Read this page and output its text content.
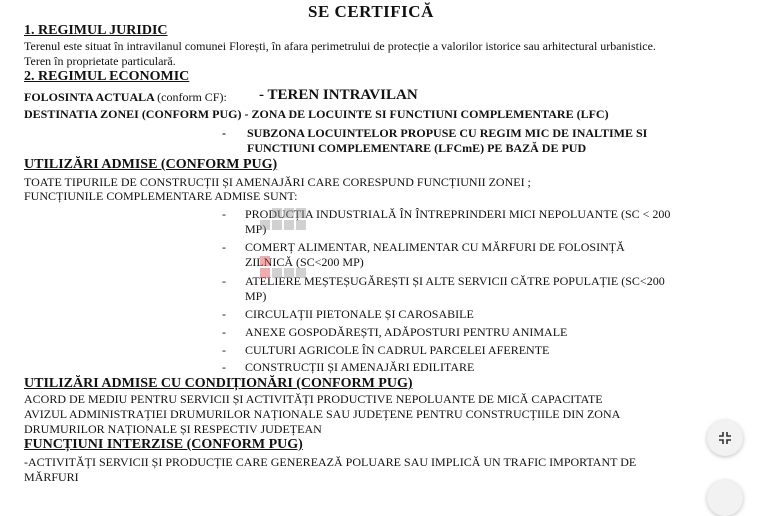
SE CERTIFICĂ
1. REGIMUL JURIDIC
Terenul este situat în intravilanul comunei Florești, în afara perimetrului de protecție a valorilor istorice sau arhitectural urbanistice.
Teren în proprietate particulară.
2. REGIMUL ECONOMIC
FOLOSINTA ACTUALA (conform CF): - TEREN INTRAVILAN
DESTINATIA ZONEI (CONFORM PUG) - ZONA DE LOCUINTE SI FUNCTIUNI COMPLEMENTARE (LFC)
- SUBZONA LOCUINTELOR PROPUSE CU REGIM MIC DE INALTIME SI
FUNCTIUNI COMPLEMENTARE (LFCmE) PE BAZĂ DE PUD
UTILIZĂRI ADMISE (CONFORM PUG)
TOATE TIPURILE DE CONSTRUCȚII ȘI AMENAJĂRI CARE CORESPUND FUNCȚIUNII ZONEI ;
FUNCȚIUNILE COMPLEMENTARE ADMISE SUNT:
- PRODUCȚIA INDUSTRIALĂ ÎN ÎNTREPRINDERI MICI NEPOLUANTE (SC < 200
MP)
- COMERȚ ALIMENTAR, NEALIMENTAR CU MĂRFURI DE FOLOSINȚĂ
ZILNICĂ (SC<200 MP)
- ATELIERE MEȘTEȘUGĂREȘTI ȘI ALTE SERVICII CĂTRE POPULAȚIE (SC<200
MP)
- CIRCULAȚII PIETONALE ȘI CAROSABILE
- ANEXE GOSPODĂREȘTI, ADĂPOSTURI PENTRU ANIMALE
- CULTURI AGRICOLE ÎN CADRUL PARCELEI AFERENTE
- CONSTRUCȚII ȘI AMENAJĂRI EDILITARE
UTILIZĂRI ADMISE CU CONDIȚIONĂRI (CONFORM PUG)
ACORD DE MEDIU PENTRU SERVICII ȘI ACTIVITĂȚI PRODUCTIVE NEPOLUANTE DE MICĂ CAPACITATE
AVIZUL ADMINISTRAȚIEI DRUMURILOR NAȚIONALE SAU JUDEȚENE PENTRU CONSTRUCȚIILE DIN ZONA
DRUMURILOR NAȚIONALE ȘI RESPECTIV JUDEȚEAN
FUNCȚIUNI INTERZISE (CONFORM PUG)
-ACTIVITĂȚI SERVICII ȘI PRODUCȚIE CARE GENEREAZĂ POLUARE SAU IMPLICĂ UN TRAFIC IMPORTANT DE
MĂRFURI
